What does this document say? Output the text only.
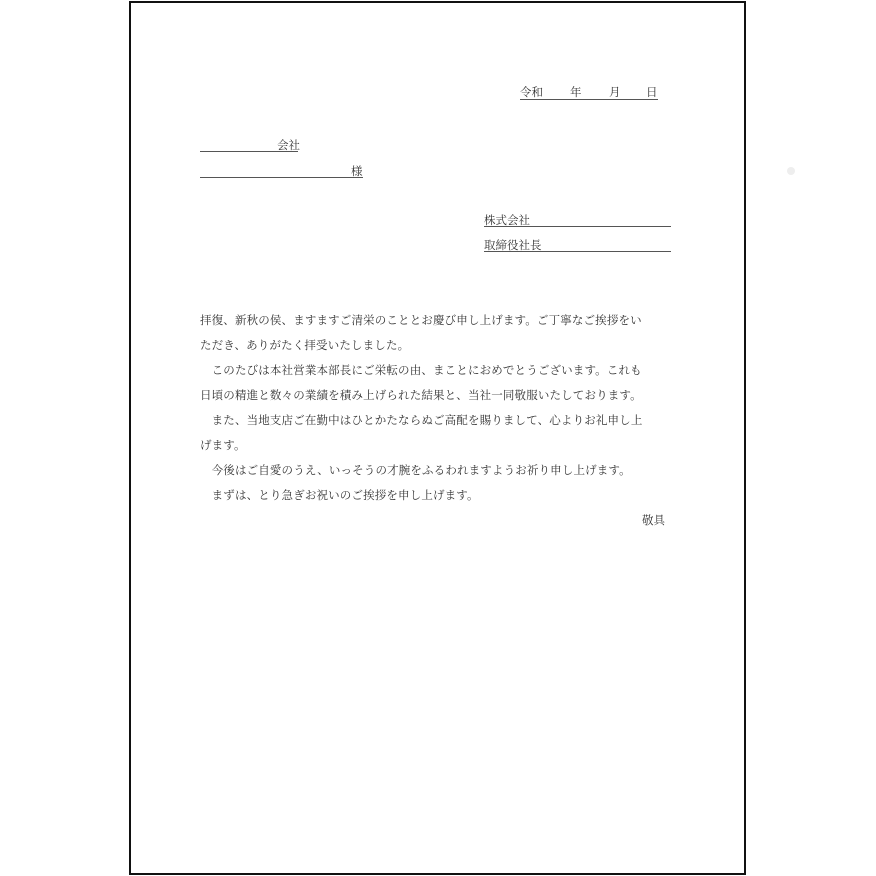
令和 年 月 日
会社
様
株式会社
取締役社長
拝復、新秋の侯、ますますご清栄のこととお慶び申し上げます。ご丁寧なご挨拶をい
ただき、ありがたく拝受いたしました。
　このたびは本社営業本部長にご栄転の由、まことにおめでとうございます。これも
日頃の精進と数々の業績を積み上げられた結果と、当社一同敬服いたしております。
　また、当地支店ご在勤中はひとかたならぬご高配を賜りまして、心よりお礼申し上
げます。
　今後はご自愛のうえ、いっそうの才腕をふるわれますようお祈り申し上げます。
　まずは、とり急ぎお祝いのご挨拶を申し上げます。
敬具
